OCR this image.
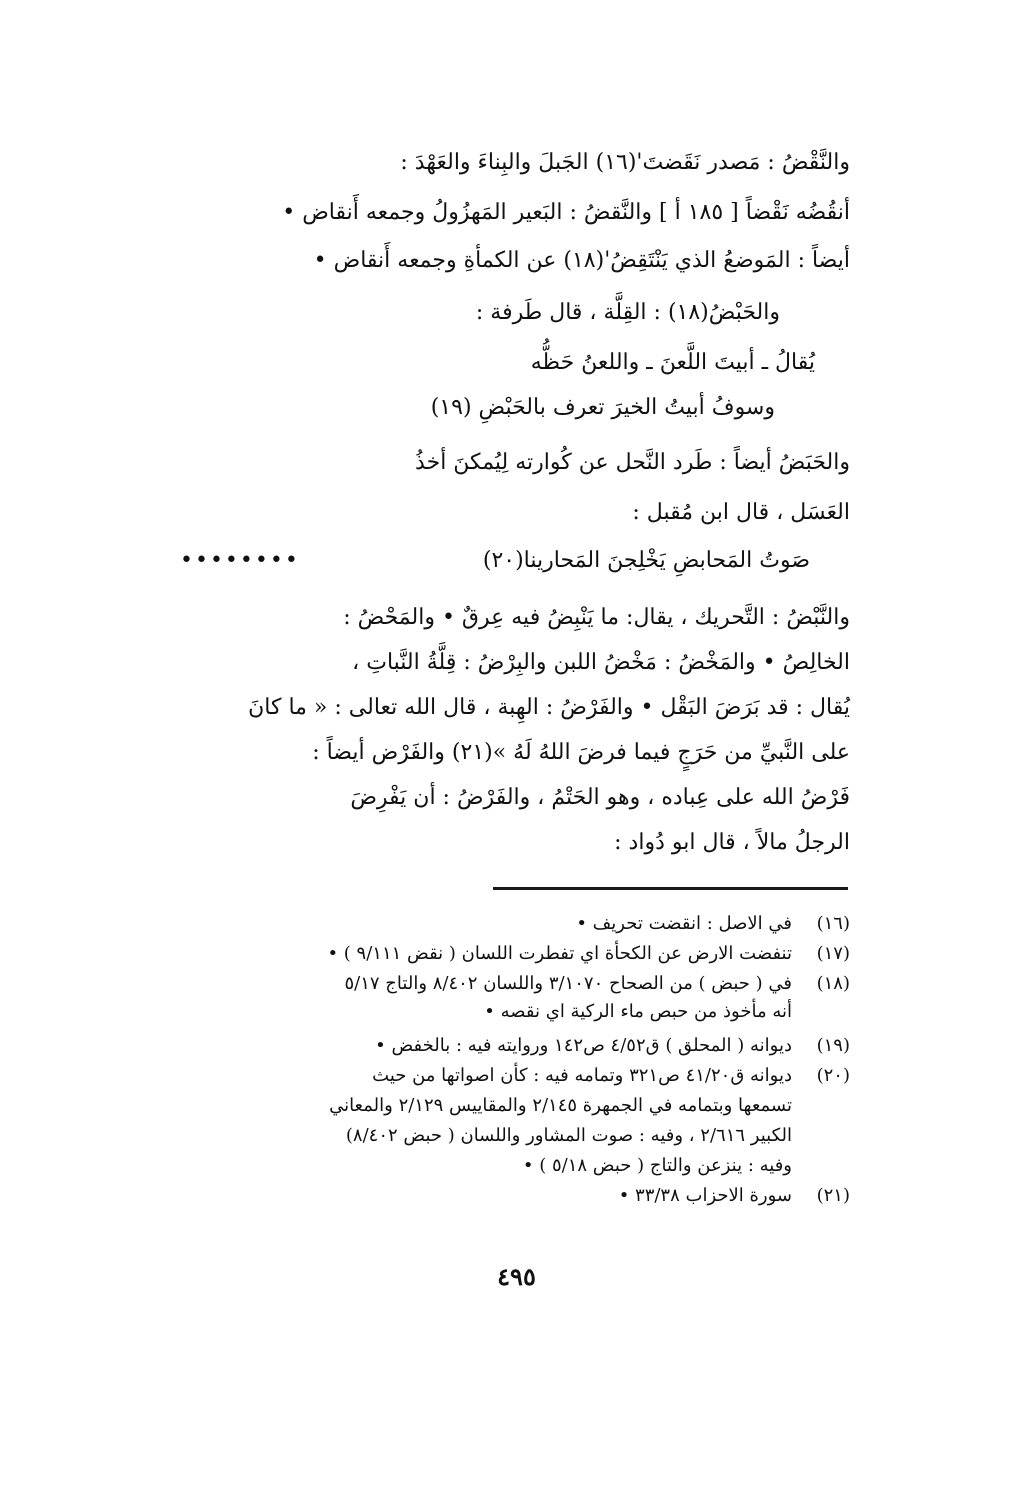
والنَّقْضُ : مَصدر نَقَضتَ'(١٦) الجَبلَ والبِناءَ والعَهْدَ :
أنقُضُه نَقْضاً [ ١٨٥ أ ] والنَّقضُ : البَعير المَهزُولُ وجمعه أَنقاض •
أيضاً : المَوضعُ الذي يَنْتَقِضُ'(١٨) عن الكمأةِ وجمعه أَنقاض •
والحَبْضُ(١٨) : القِلَّة ، قال طَرفة :
يُقالُ ـ أبيتَ اللَّعنَ ـ واللعنُ حَظُّه
وسوفُ أبيتُ الخيرَ تعرف بالحَبْضِ (١٩)
والحَبَضُ أيضاً : طَرد النَّحل عن كُوارته لِيُمكنَ أخذُ
العَسَل ، قال ابن مُقبل :
••••••••	صَوتُ المَحابضِ يَخْلِجنَ المَحارينا(٢٠)
والنَّبْضُ : التَّحريك ، يقال: ما يَنْبِضُ فيه عِرقٌ • والمَحْضُ :
الخالِصُ • والمَخْضُ : مَخْضُ اللبن والبِرْضُ : قِلَّةُ النَّباتِ ،
يُقال : قد بَرَضَ البَقْل • والفَرْضُ : الهِبة ، قال الله تعالى : « ما كانَ
على النَّبيِّ من حَرَجٍ فيما فرضَ اللهُ لَهُ »(٢١) والفَرْض أيضاً :
فَرْضُ الله على عِباده ، وهو الحَتْمُ ، والفَرْضُ : أن يَفْرِضَ
الرجلُ مالاً ، قال ابو دُواد :
(١٦)في الاصل : انقضت تحريف •
(١٧)تنفضت الارض عن الكحأة اي تفطرت اللسان ( نقض ٩/١١١ ) •
(١٨)في ( حبض ) من الصحاح ٣/١٠٧٠ واللسان ٨/٤٠٢ والتاج ٥/١٧
أنه مأخوذ من حبص ماء الركية اي نقصه •
(١٩)ديوانه ( المحلق ) ق٤/٥٢ ص١٤٢ وروايته فيه : بالخفض •
(٢٠)ديوانه ق٤١/٢٠ ص٣٢١ وتمامه فيه : كأن اصواتها من حيث
تسمعها وبتمامه في الجمهرة ٢/١٤٥ والمقاييس ٢/١٢٩ والمعاني
الكبير ٢/٦١٦ ، وفيه : صوت المشاور واللسان ( حبض ٨/٤٠٢)
وفيه : ينزعن والتاج ( حبض ٥/١٨ ) •
(٢١)سورة الاحزاب ٣٣/٣٨ •
٤٩٥
